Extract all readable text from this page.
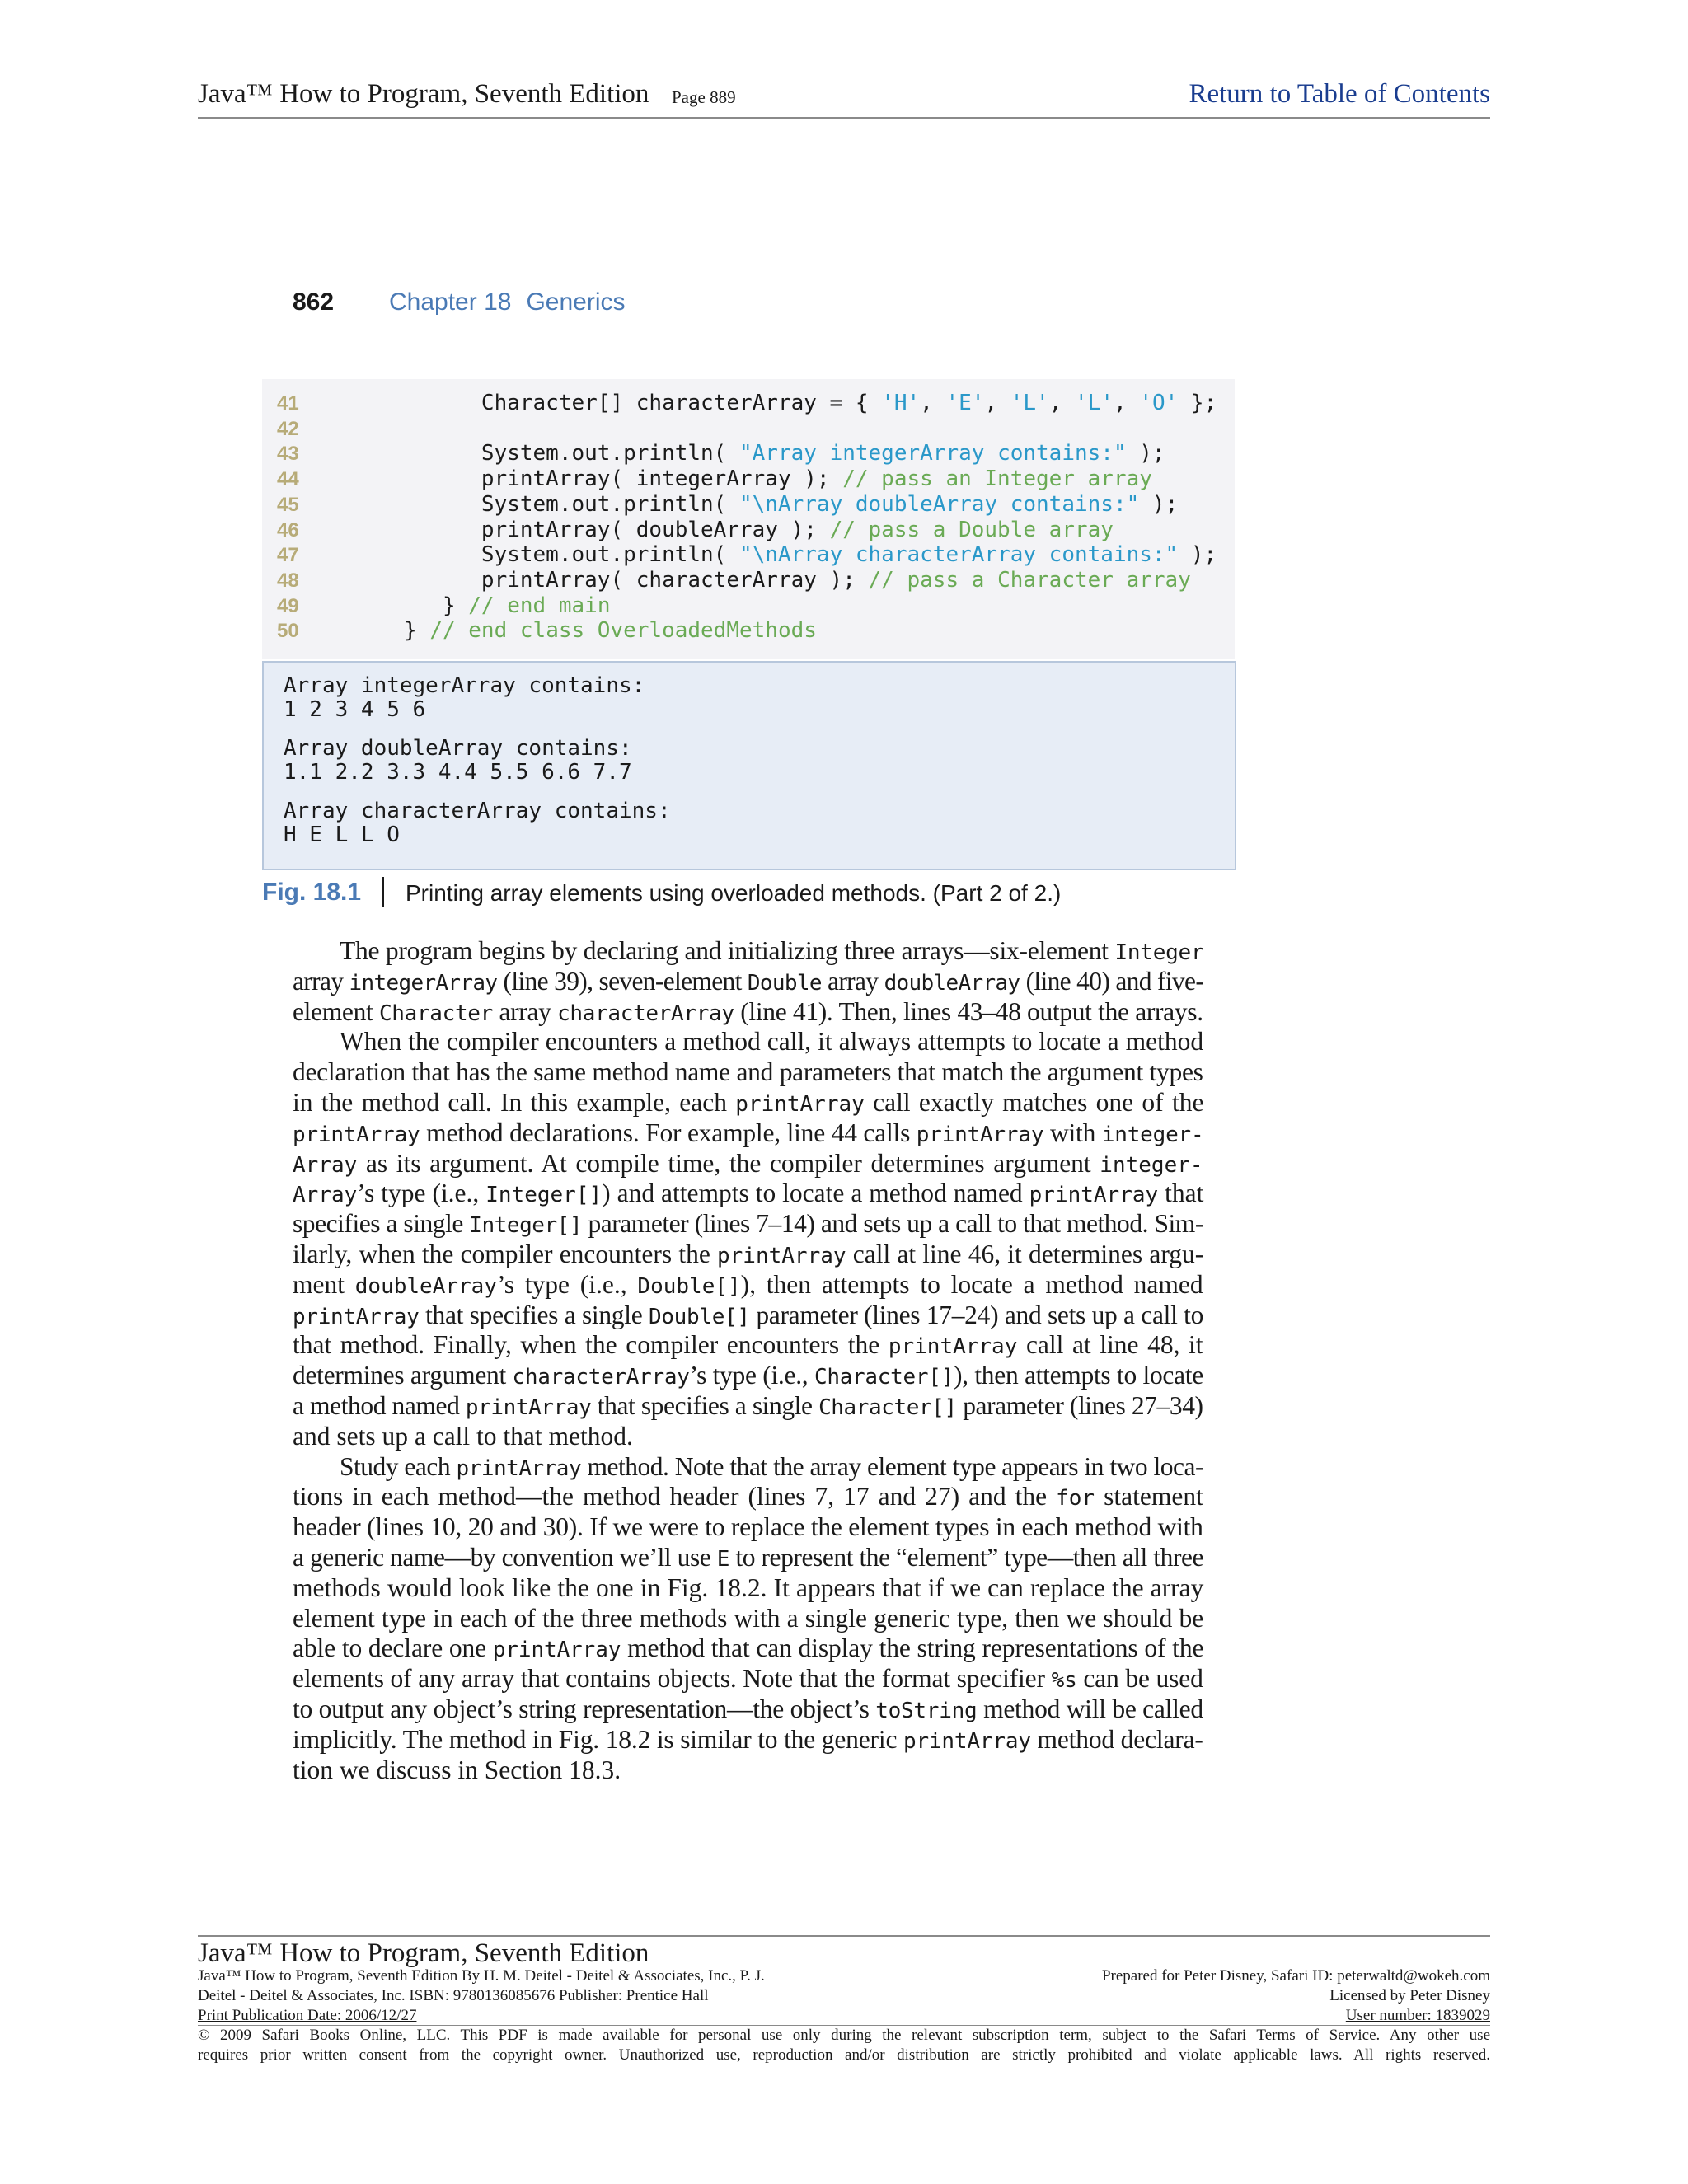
Java™ How to Program, Seventh Edition Page 889	Return to Table of Contents
862 Chapter 18 Generics
41	Character[] characterArray = { 'H', 'E', 'L', 'L', 'O' };
42
43	System.out.println( "Array integerArray contains:" );
44	printArray( integerArray ); // pass an Integer array
45	System.out.println( "\nArray doubleArray contains:" );
46	printArray( doubleArray ); // pass a Double array
47	System.out.println( "\nArray characterArray contains:" );
48	printArray( characterArray ); // pass a Character array
49	} // end main
50	} // end class OverloadedMethods
Array integerArray contains:
1 2 3 4 5 6
Array doubleArray contains:
1.1 2.2 3.3 4.4 5.5 6.6 7.7
Array characterArray contains:
H E L L O
Fig. 18.1 Printing array elements using overloaded methods. (Part 2 of 2.)
The program begins by declaring and initializing three arrays—six-element Integer
array integerArray (line 39), seven-element Double array doubleArray (line 40) and five-
element Character array characterArray (line 41). Then, lines 43–48 output the arrays.
When the compiler encounters a method call, it always attempts to locate a method
declaration that has the same method name and parameters that match the argument types
in the method call. In this example, each printArray call exactly matches one of the
printArray method declarations. For example, line 44 calls printArray with integer-
Array as its argument. At compile time, the compiler determines argument integer-
Array’s type (i.e., Integer[]) and attempts to locate a method named printArray that
specifies a single Integer[] parameter (lines 7–14) and sets up a call to that method. Sim-
ilarly, when the compiler encounters the printArray call at line 46, it determines argu-
ment doubleArray’s type (i.e., Double[]), then attempts to locate a method named
printArray that specifies a single Double[] parameter (lines 17–24) and sets up a call to
that method. Finally, when the compiler encounters the printArray call at line 48, it
determines argument characterArray’s type (i.e., Character[]), then attempts to locate
a method named printArray that specifies a single Character[] parameter (lines 27–34)
and sets up a call to that method.
Study each printArray method. Note that the array element type appears in two loca-
tions in each method—the method header (lines 7, 17 and 27) and the for statement
header (lines 10, 20 and 30). If we were to replace the element types in each method with
a generic name—by convention we’ll use E to represent the “element” type—then all three
methods would look like the one in Fig. 18.2. It appears that if we can replace the array
element type in each of the three methods with a single generic type, then we should be
able to declare one printArray method that can display the string representations of the
elements of any array that contains objects. Note that the format specifier %s can be used
to output any object’s string representation—the object’s toString method will be called
implicitly. The method in Fig. 18.2 is similar to the generic printArray method declara-
tion we discuss in Section 18.3.
Java™ How to Program, Seventh Edition
Java™ How to Program, Seventh Edition By H. M. Deitel - Deitel & Associates, Inc., P. J.
Deitel - Deitel & Associates, Inc. ISBN: 9780136085676 Publisher: Prentice Hall
Print Publication Date: 2006/12/27
Prepared for Peter Disney, Safari ID: peterwaltd@wokeh.com
Licensed by Peter Disney
User number: 1839029
© 2009 Safari Books Online, LLC. This PDF is made available for personal use only during the relevant subscription term, subject to the Safari Terms of Service. Any other use
requires prior written consent from the copyright owner. Unauthorized use, reproduction and/or distribution are strictly prohibited and violate applicable laws. All rights reserved.
